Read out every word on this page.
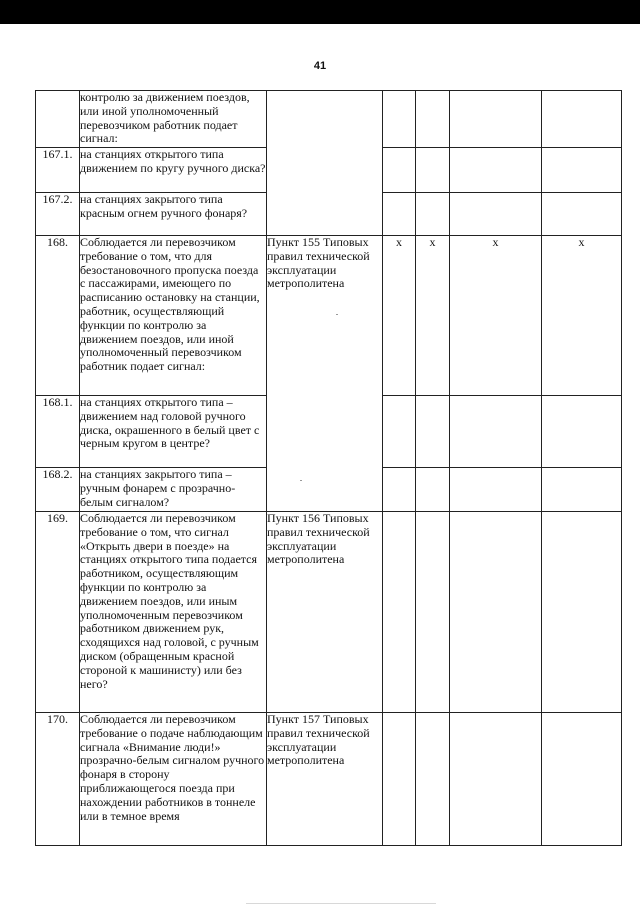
41
	контролю за движением поездов, или иной уполномоченный перевозчиком работник подает сигнал:					
167.1.	на станциях открытого типа движением по кругу ручного диска?					
167.2.	на станциях закрытого типа красным огнем ручного фонаря?					
168.	Соблюдается ли перевозчиком требование о том, что для безостановочного пропуска поезда с пассажирами, имеющего по расписанию остановку на станции, работник, осуществляющий функции по контролю за движением поездов, или иной уполномоченный перевозчиком работник подает сигнал:	Пункт 155 Типовых правил технической эксплуатации метрополитена	х	х	х	х
168.1.	на станциях открытого типа – движением над головой ручного диска, окрашенного в белый цвет с черным кругом в центре?					
168.2.	на станциях закрытого типа – ручным фонарем с прозрачно-белым сигналом?					
169.	Соблюдается ли перевозчиком требование о том, что сигнал «Открыть двери в поезде» на станциях открытого типа подается работником, осуществляющим функции по контролю за движением поездов, или иным уполномоченным перевозчиком работником движением рук, сходящихся над головой, с ручным диском (обращенным красной стороной к машинисту) или без него?	Пункт 156 Типовых правил технической эксплуатации метрополитена				
170.	Соблюдается ли перевозчиком требование о подаче наблюдающим сигнала «Внимание люди!» прозрачно-белым сигналом ручного фонаря в сторону приближающегося поезда при нахождении работников в тоннеле или в темное время	Пункт 157 Типовых правил технической эксплуатации метрополитена				
